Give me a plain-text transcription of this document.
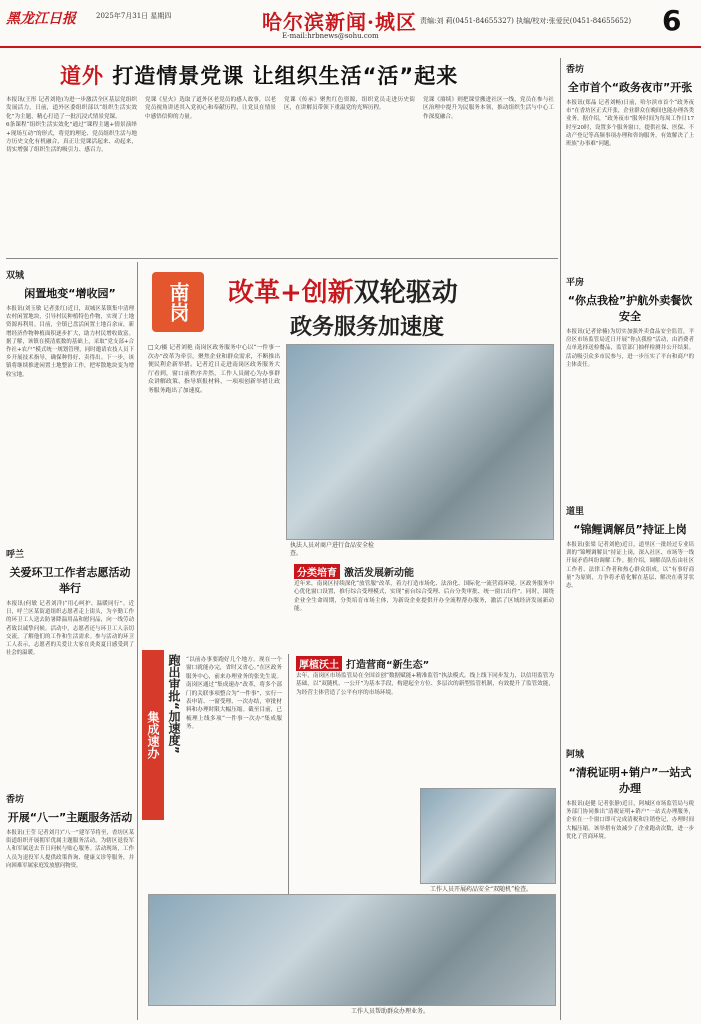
黑龙江日报	2025年7月31日 星期四	哈尔滨新闻·城区
E-mail:hrbnews@sohu.com
责编:刘 莉(0451-84655327) 执编/校对:张爱民(0451-84655652) 6
道外 打造情景党课 让组织生活“活”起来

本报讯(王彤 记者刘艳)为进一步激活全区基层党组织发展活力，日前，道外区委组织部以“组织生活实效化”为主题，精心打造了一批沉浸式情景党课。

6条课程“组织生活实效化”通过“课程主题+情景演绎+现场互动”的形式，将党的理论、党员组织生活与地方历史文化有机融合，真正让党课活起来、动起来，切实增强了组织生活的吸引力、感召力。

党课《星火》选取了道外区老党员的感人故事，以老党员视角讲述其入党初心和奉献历程，让党员在情景中感悟信仰的力量。

党课《传承》聚焦红色资源，组织党员走进历史街区，在讲解员带领下重温党的光辉历程。

党课《赓续》则把课堂搬进社区一线，党员在参与社区治理中提升为民服务本领，推动组织生活与中心工作深度融合。

双城
闲置地变“增收园”
本报讯(刘玉敏 记者张红)近日，双城区某镇集中清理农村闲置地块，引导村民种植特色作物，实现了土地资源再利用。目前，全镇已盘活闲置土地百余亩，新增经济作物种植面积逐步扩大，助力村民增收致富。据了解，该镇在摸清底数的基础上，采取“党支部+合作社+农户”模式统一规划管理，同时邀请农技人员下乡开展技术指导，确保种得好、卖得出。下一步，该镇将继续推进闲置土地整治工作，把零散地块变为增收宝地。
呼兰
关爱环卫工作者志愿活动举行
本报讯(何敏 记者刘洋)“用心呵护、温暖同行”。近日，呼兰区某街道组织志愿者走上街头，为辛勤工作的环卫工人送去防暑降温用品和慰问品，向一线劳动者致以诚挚问候。活动中，志愿者还与环卫工人亲切交流，了解他们的工作和生活需求。参与活动的环卫工人表示，志愿者的关爱让大家在炎炎夏日感受到了社会的温暖。
香坊
开展“八一”主题服务活动
本报讯(王莹 记者刘月)“八一”建军节将至，香坊区某街道组织开展拥军优属主题服务活动，为辖区退役军人和军属送去节日问候与贴心服务。活动现场，工作人员为退役军人提供政策咨询、健康义诊等服务，并向困难军属家庭发放慰问物资。
香坊
全市首个“政务夜市”开张
本报讯(郑晶 记者刘畅)日前，哈尔滨市首个“政务夜市”在香坊区正式开张，企业群众在晚间也能办理各类业务。据介绍，“政务夜市”服务时间为每周工作日17时至20时，设置多个服务窗口，提供社保、医保、不动产登记等高频事项办理和咨询服务，有效解决了上班族“办事难”问题。
平房
“你点我检”护航外卖餐饮安全
本报讯(记者徐楠)为切实加强外卖食品安全监管，平房区市场监管局近日开展“你点我检”活动，由消费者点单选择送检餐品，监管部门抽样检测并公开结果。活动吸引众多市民参与，进一步压实了平台和商户的主体责任。
道里
“锦鲤调解员”持证上岗
本报讯(张梁 记者刘艳)近日，道里区一批经过专业培训的“锦鲤调解员”持证上岗，深入社区、市场等一线开展矛盾纠纷调解工作。据介绍，调解员队伍由社区工作者、法律工作者和热心群众组成，以“有事好商量”为原则，力争将矛盾化解在基层、解决在萌芽状态。
阿城
“清税证明+销户”一站式办理
本报讯(赵健 记者张静)近日，阿城区市场监管局与税务部门协同推出“清税证明+销户”一站式办理服务，企业在一个窗口即可完成清税和注销登记，办理时间大幅压缩。该举措有效减少了企业跑动次数，进一步优化了营商环境。
南岗	改革+创新双轮驱动
政务服务加速度
□文/摄 记者刘艳 南岗区政务服务中心以“一件事一次办”改革为牵引，聚焦企业和群众需求，不断推出便民利企新举措。记者近日走进南岗区政务服务大厅看到，窗口前秩序井然，工作人员耐心为办事群众讲解政策、指导填报材料，一项项创新举措让政务服务跑出了加速度。
执法人员对商户进行食品安全检查。
分类培育 激活发展新动能
近年来，南岗区持续深化“放管服”改革，着力打造市场化、法治化、国际化一流营商环境。区政务服务中心优化窗口设置，推行综合受理模式，实现“前台综合受理、后台分类审批、统一窗口出件”。同时，围绕企业全生命周期，分类培育市场主体，为新设企业提供开办全流程帮办服务，激活了区域经济发展新动能。
集成速办 跑出审批“加速度” “以前办事要跑好几个地方，现在一个窗口就能办完，省时又省心。”在区政务服务中心，前来办理业务的张先生说。南岗区通过“集成速办”改革，将多个部门的关联事项整合为“一件事”，实行一表申请、一窗受理、一次办结，审批材料和办理时限大幅压缩。截至目前，已梳理上线多项“一件事一次办”集成服务。
厚植沃土 打造营商“新生态”
去年，南岗区市场监管局在全国首创“数据赋能+精准监管”执法模式，线上线下同步发力，以信用监管为基础，以“双随机、一公开”为基本手段，构建起全方位、多层次的新型监管机制，有效提升了监管效能，为经营主体营造了公平有序的市场环境。
工作人员开展药品安全“双随机”检查。
工作人员帮助群众办理业务。
